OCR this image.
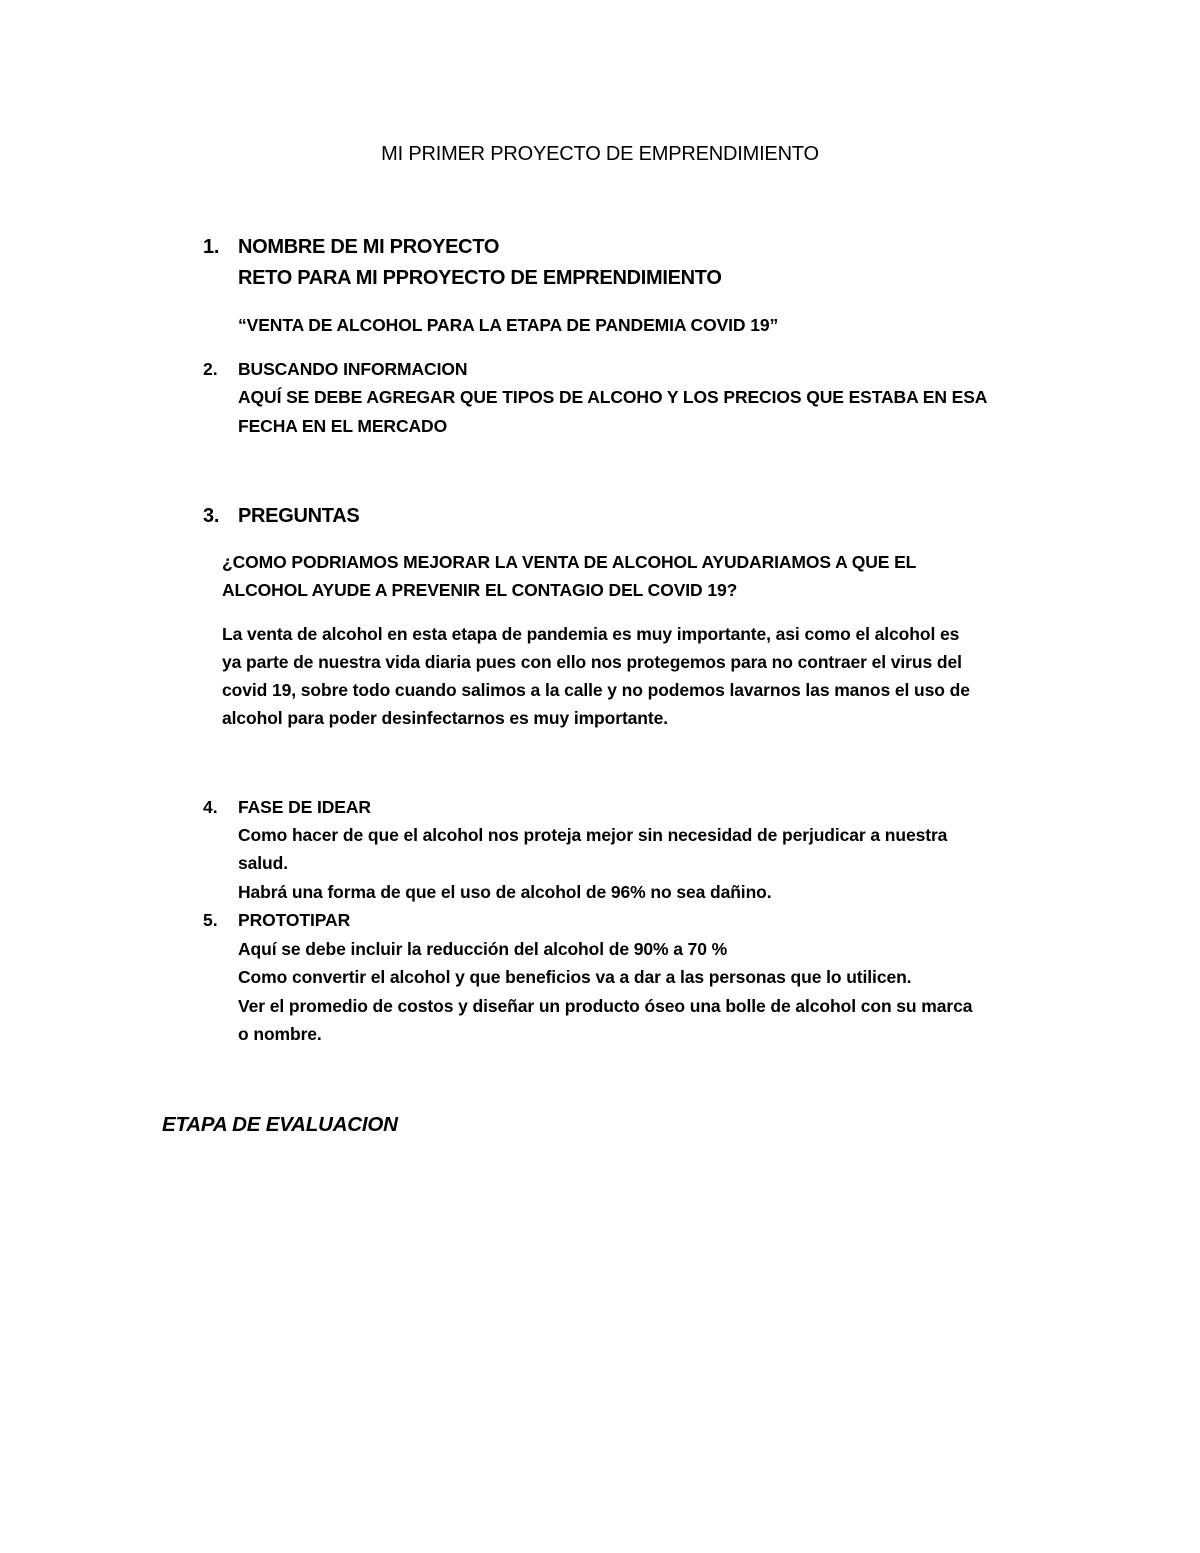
MI PRIMER PROYECTO DE EMPRENDIMIENTO
1. NOMBRE DE MI PROYECTO
RETO PARA MI PPROYECTO DE EMPRENDIMIENTO
“VENTA DE ALCOHOL PARA LA ETAPA DE PANDEMIA COVID 19”
2. BUSCANDO INFORMACION
AQUÍ SE DEBE AGREGAR QUE TIPOS DE ALCOHO Y LOS PRECIOS QUE ESTABA EN ESA
FECHA EN EL MERCADO
3. PREGUNTAS
¿COMO PODRIAMOS MEJORAR LA VENTA DE ALCOHOL AYUDARIAMOS A QUE EL
ALCOHOL AYUDE A PREVENIR EL CONTAGIO DEL COVID 19?
La venta de alcohol en esta etapa de pandemia es muy importante, asi como el alcohol es
ya parte de nuestra vida diaria pues con ello nos protegemos para no contraer el virus del
covid 19, sobre todo cuando salimos a la calle y no podemos lavarnos las manos el uso de
alcohol para poder desinfectarnos es muy importante.
4. FASE DE IDEAR
Como hacer de que el alcohol nos proteja mejor sin necesidad de perjudicar a nuestra
salud.
Habrá una forma de que el uso de alcohol de 96% no sea dañino.
5. PROTOTIPAR
Aquí se debe incluir la reducción del alcohol de 90% a 70 %
Como convertir el alcohol y que beneficios va a dar a las personas que lo utilicen.
Ver el promedio de costos y diseñar un producto óseo una bolle de alcohol con su marca
o nombre.
ETAPA DE EVALUACION
